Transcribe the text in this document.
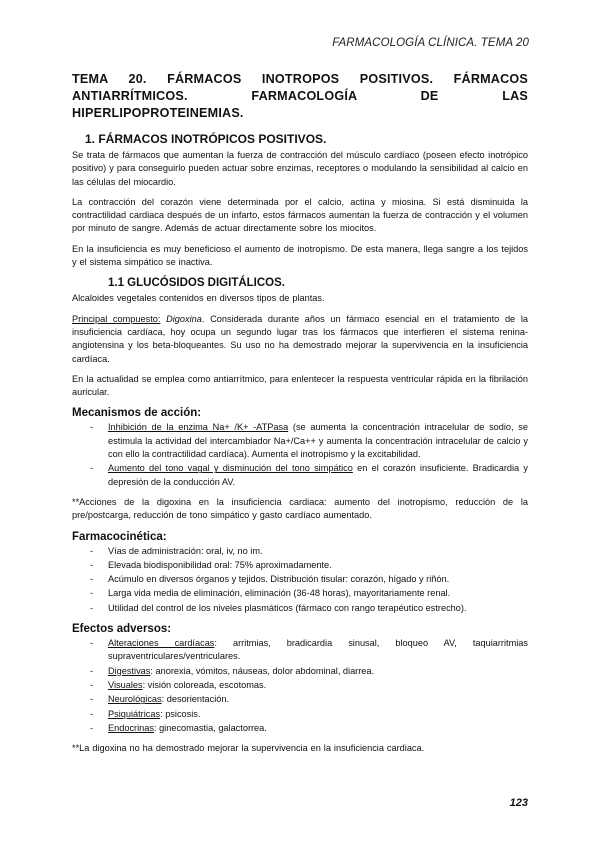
FARMACOLOGÍA CLÍNICA. TEMA 20
TEMA 20. FÁRMACOS INOTROPOS POSITIVOS. FÁRMACOS ANTIARRÍTMICOS. FARMACOLOGÍA DE LAS HIPERLIPOPROTEINEMIAS.
1. FÁRMACOS INOTRÓPICOS POSITIVOS.

Se trata de fármacos que aumentan la fuerza de contracción del músculo cardíaco (poseen efecto inotrópico positivo) y para conseguirlo pueden actuar sobre enzimas, receptores o modulando la sensibilidad al calcio en las células del miocardio.

La contracción del corazón viene determinada por el calcio, actina y miosina. Si está disminuida la contractilidad cardiaca después de un infarto, estos fármacos aumentan la fuerza de contracción y el volumen por minuto de sangre. Además de actuar directamente sobre los miocitos.

En la insuficiencia es muy beneficioso el aumento de inotropismo. De esta manera, llega sangre a los tejidos y el sistema simpático se inactiva.

1.1 GLUCÓSIDOS DIGITÁLICOS.

Alcaloides vegetales contenidos en diversos tipos de plantas.

Principal compuesto: Digoxina. Considerada durante años un fármaco esencial en el tratamiento de la insuficiencia cardíaca, hoy ocupa un segundo lugar tras los fármacos que interfieren el sistema renina-angiotensina y los beta-bloqueantes. Su uso no ha demostrado mejorar la supervivencia en la insuficiencia cardíaca.

En la actualidad se emplea como antiarrítmico, para enlentecer la respuesta ventricular rápida en la fibrilación auricular.

Mecanismos de acción:
- Inhibición de la enzima Na+ /K+ -ATPasa (se aumenta la concentración intracelular de sodio, se estimula la actividad del intercambiador Na+/Ca++ y aumenta la concentración intracelular de calcio y con ello la contractilidad cardíaca). Aumenta el inotropismo y la excitabilidad.
- Aumento del tono vagal y disminución del tono simpático en el corazón insuficiente. Bradicardia y depresión de la conducción AV.

**Acciones de la digoxina en la insuficiencia cardiaca: aumento del inotropismo, reducción de la pre/postcarga, reducción de tono simpático y gasto cardíaco aumentado.

Farmacocinética:
- Vías de administración: oral, iv, no im.
- Elevada biodisponibilidad oral: 75% aproximadamente.
- Acúmulo en diversos órganos y tejidos. Distribución tisular: corazón, hígado y riñón.
- Larga vida media de eliminación, eliminación (36-48 horas), mayoritariamente renal.
- Utilidad del control de los niveles plasmáticos (fármaco con rango terapéutico estrecho).
Efectos adversos:
- Alteraciones cardíacas: arritmias, bradicardia sinusal, bloqueo AV, taquiarritmias supraventriculares/ventriculares.
- Digestivas: anorexia, vómitos, náuseas, dolor abdominal, diarrea.
- Visuales: visión coloreada, escotomas.
- Neurológicas: desorientación.
- Psiquiátricas: psicosis.
- Endocrinas: ginecomastia, galactorrea.

**La digoxina no ha demostrado mejorar la supervivencia en la insuficiencia cardiaca.

123
